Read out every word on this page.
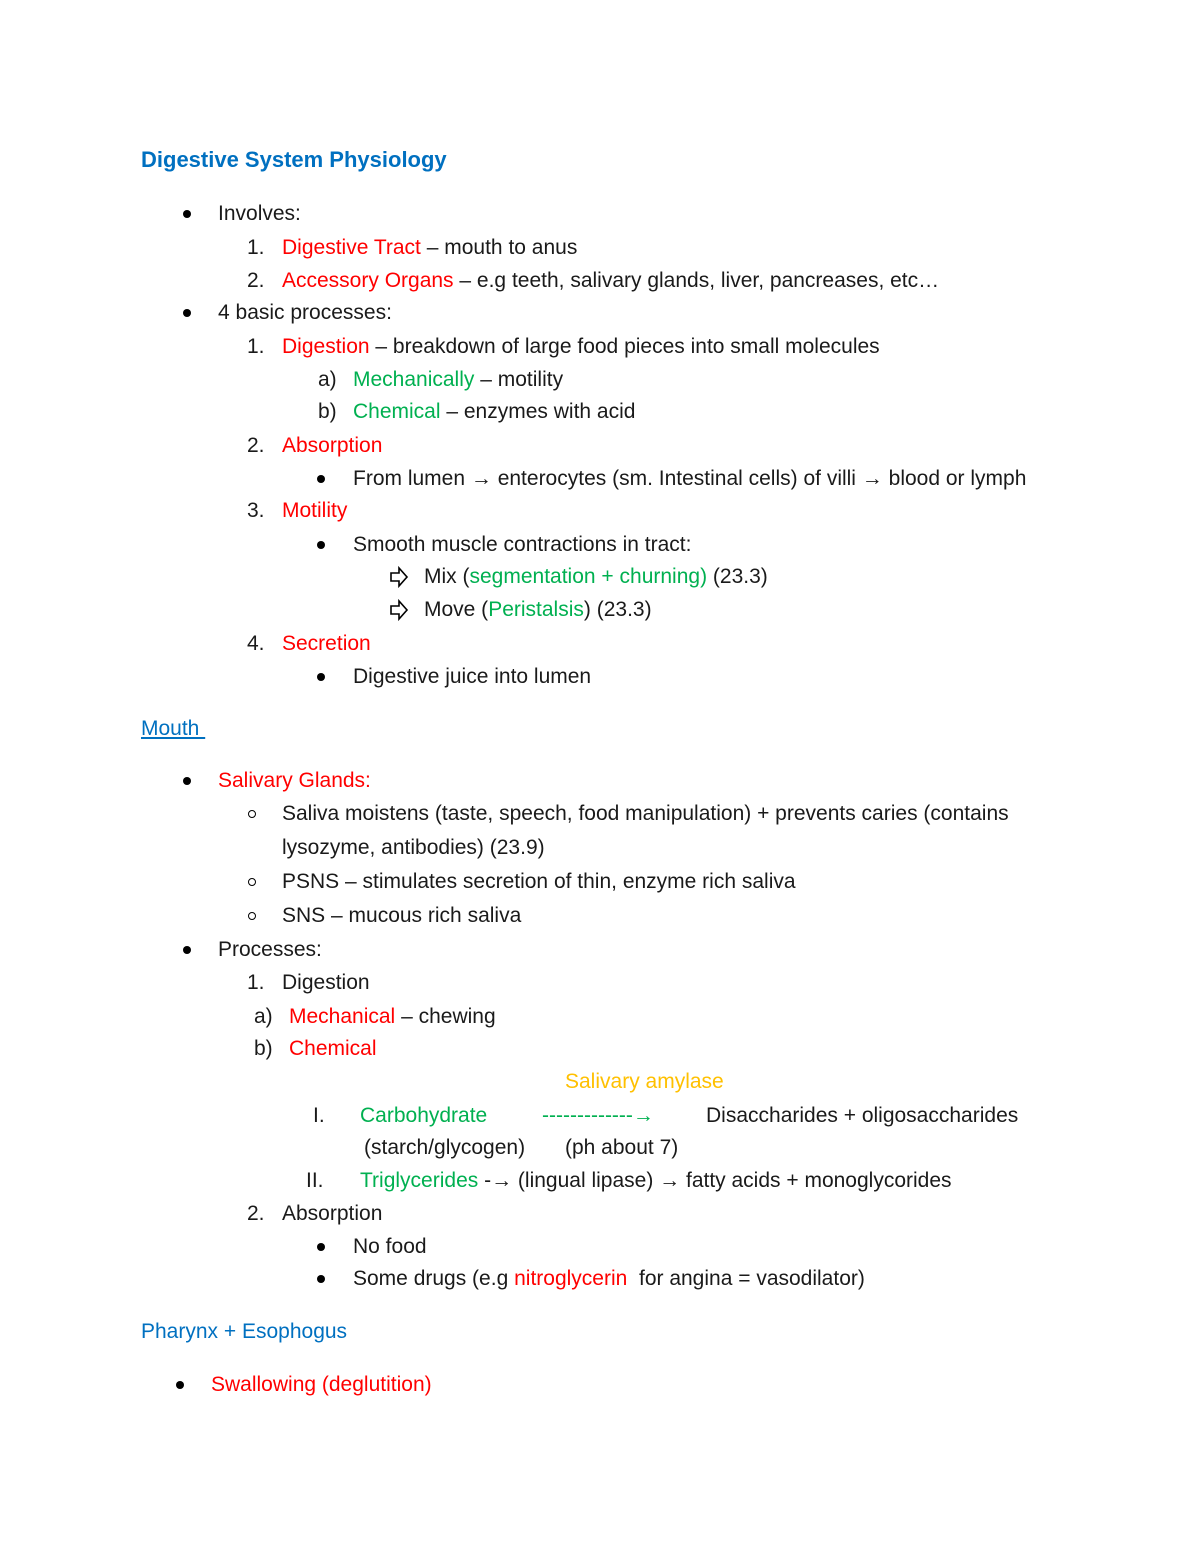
Digestive System Physiology
Involves:
1. Digestive Tract – mouth to anus
2. Accessory Organs – e.g teeth, salivary glands, liver, pancreases, etc…
4 basic processes:
1. Digestion – breakdown of large food pieces into small molecules
a) Mechanically – motility
b) Chemical – enzymes with acid
2. Absorption
From lumen → enterocytes (sm. Intestinal cells) of villi → blood or lymph
3. Motility
Smooth muscle contractions in tract:
Mix (segmentation + churning) (23.3)
Move (Peristalsis) (23.3)
4. Secretion
Digestive juice into lumen
Mouth
Salivary Glands:
Saliva moistens (taste, speech, food manipulation) + prevents caries (contains
lysozyme, antibodies) (23.9)
PSNS – stimulates secretion of thin, enzyme rich saliva
SNS – mucous rich saliva
Processes:
1. Digestion
a) Mechanical – chewing
b) Chemical
Salivary amylase
I. Carbohydrate	-------------→ Disaccharides + oligosaccharides
(starch/glycogen) (ph about 7)
II. Triglycerides -→ (lingual lipase) → fatty acids + monoglycorides
2. Absorption
No food
Some drugs (e.g nitroglycerin  for angina = vasodilator)
Pharynx + Esophogus
Swallowing (deglutition)
